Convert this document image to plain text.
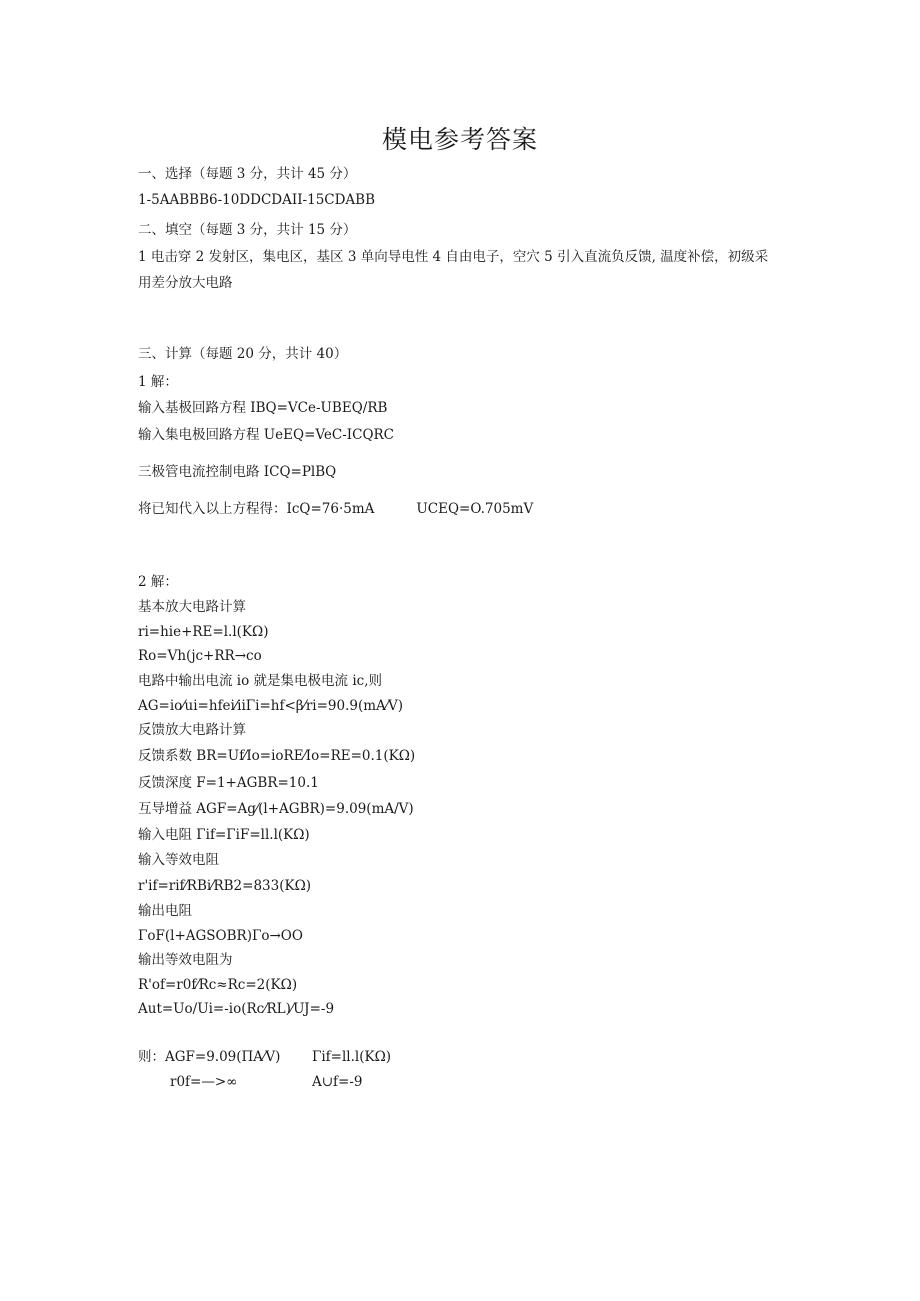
模电参考答案
一、选择（每题 3 分，共计 45 分）
1-5AABBB6-10DDCDAII-15CDABB
二、填空（每题 3 分，共计 15 分）
1 电击穿 2 发射区，集电区，基区 3 单向导电性 4 自由电子，空穴 5 引入直流负反馈, 温度补偿，初级采用差分放大电路
三、计算（每题 20 分，共计 40）
1 解：
输入基极回路方程 IBQ=VCe-UBEQ/RB
输入集电极回路方程 UeEQ=VeC-ICQRC
三极管电流控制电路 ICQ=PlBQ
将已知代入以上方程得：IcQ=76·5mA	UCEQ=O.705mV
2 解：
基本放大电路计算
ri=hie+RE=l.l(KΩ)
Ro=Vh(jc+RR→co
电路中输出电流 io 就是集电极电流 ic,则
AG=io⁄ui=hfei⁄iiΓi=hf<β⁄ri=90.9(mA⁄V)
反馈放大电路计算
反馈系数 BR=Uf⁄Io=ioRE⁄Io=RE=0.1(KΩ)
反馈深度 F=1+AGBR=10.1
互导增益 AGF=Ag⁄(l+AGBR)=9.09(mA/V)
输入电阻 Γif=ΓiF=ll.l(KΩ)
输入等效电阻
r'if=rif⁄RBi⁄RB2=833(KΩ)
输出电阻
ΓoF(l+AGSOBR)Γo→OO
输出等效电阻为
R'of=r0f⁄Rc≈Rc=2(KΩ)
Aut=Uo/Ui=-io(Rc⁄RL)⁄UJ=-9
则：AGF=9.09(ΠA⁄V) Γif=ll.l(KΩ)
r0f=—>∞	A∪f=-9
